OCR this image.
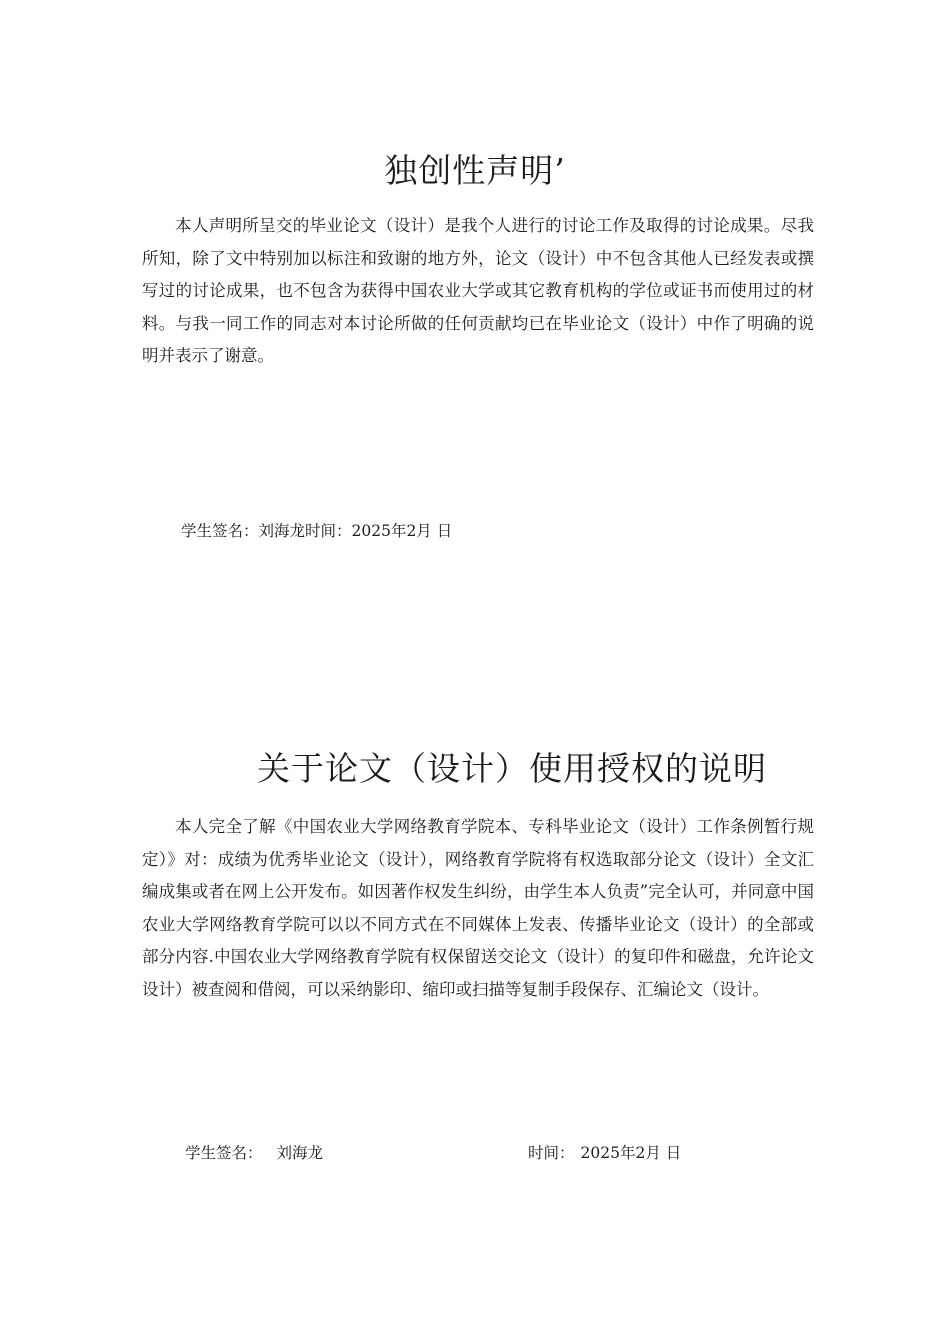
独创性声明’

本人声明所呈交的毕业论文（设计）是我个人进行的讨论工作及取得的讨论成果。尽我所知，除了文中特别加以标注和致谢的地方外，论文（设计）中不包含其他人已经发表或撰写过的讨论成果，也不包含为获得中国农业大学或其它教育机构的学位或证书而使用过的材料。与我一同工作的同志对本讨论所做的任何贡献均已在毕业论文（设计）中作了明确的说明并表示了谢意。

学生签名：刘海龙时间：2025年2月 日
关于论文（设计）使用授权的说明

本人完全了解《中国农业大学网络教育学院本、专科毕业论文（设计）工作条例暂行规定）》对：成绩为优秀毕业论文（设计），网络教育学院将有权选取部分论文（设计）全文汇编成集或者在网上公开发布。如因著作权发生纠纷，由学生本人负责”完全认可，并同意中国农业大学网络教育学院可以以不同方式在不同媒体上发表、传播毕业论文（设计）的全部或部分内容.中国农业大学网络教育学院有权保留送交论文（设计）的复印件和磁盘，允许论文设计）被查阅和借阅，可以采纳影印、缩印或扫描等复制手段保存、汇编论文（设计。

学生签名： 刘海龙	时间： 2025年2月 日
